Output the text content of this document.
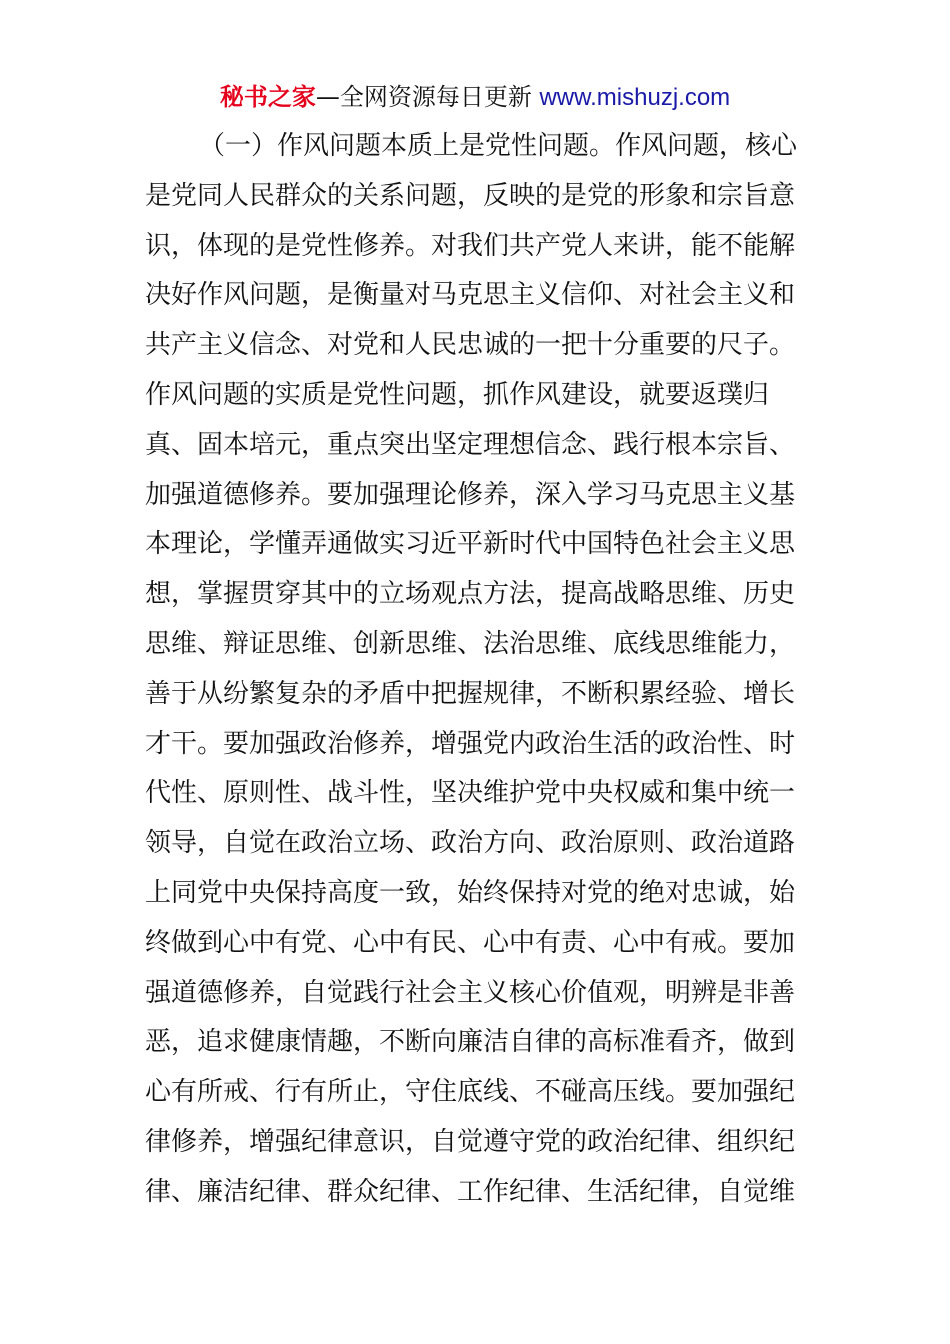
秘书之家—全网资源每日更新 www.mishuzj.com
（一）作风问题本质上是党性问题。作风问题，核心
是党同人民群众的关系问题，反映的是党的形象和宗旨意
识，体现的是党性修养。对我们共产党人来讲，能不能解
决好作风问题，是衡量对马克思主义信仰、对社会主义和
共产主义信念、对党和人民忠诚的一把十分重要的尺子。
作风问题的实质是党性问题，抓作风建设，就要返璞归
真、固本培元，重点突出坚定理想信念、践行根本宗旨、
加强道德修养。要加强理论修养，深入学习马克思主义基
本理论，学懂弄通做实习近平新时代中国特色社会主义思
想，掌握贯穿其中的立场观点方法，提高战略思维、历史
思维、辩证思维、创新思维、法治思维、底线思维能力，
善于从纷繁复杂的矛盾中把握规律，不断积累经验、增长
才干。要加强政治修养，增强党内政治生活的政治性、时
代性、原则性、战斗性，坚决维护党中央权威和集中统一
领导，自觉在政治立场、政治方向、政治原则、政治道路
上同党中央保持高度一致，始终保持对党的绝对忠诚，始
终做到心中有党、心中有民、心中有责、心中有戒。要加
强道德修养，自觉践行社会主义核心价值观，明辨是非善
恶，追求健康情趣，不断向廉洁自律的高标准看齐，做到
心有所戒、行有所止，守住底线、不碰高压线。要加强纪
律修养，增强纪律意识，自觉遵守党的政治纪律、组织纪
律、廉洁纪律、群众纪律、工作纪律、生活纪律，自觉维
